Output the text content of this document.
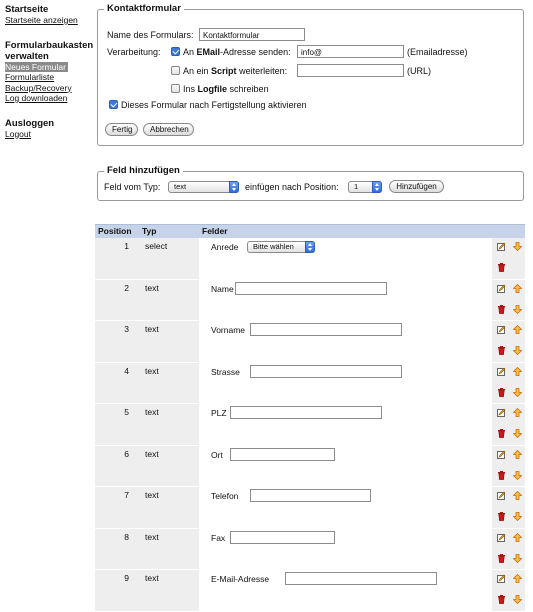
Startseite
Startseite anzeigen
Formularbaukasten
verwalten
Neues Formular
Formularliste
Backup/Recovery
Log downloaden
Ausloggen
Logout
Kontaktformular
Name des Formulars:	Kontaktformular
Verarbeitung: An EMail-Adresse senden:	info@	(Emailadresse)
An ein Script weiterleiten:	(URL)
Ins Logfile schreiben
Dieses Formular nach Fertigstellung aktivieren
Fertig	Abbrechen
Feld hinzufügen
Feld vom Typ:	text	einfügen nach Position:	1	Hinzufügen
Position	Typ	Felder		

1	select	Anrede Bitte wählen

2	text	Name

3	text	Vorname

4	text	Strasse

5	text	PLZ

6	text	Ort

7	text	Telefon

8	text	Fax

9	text	E-Mail-Adresse
